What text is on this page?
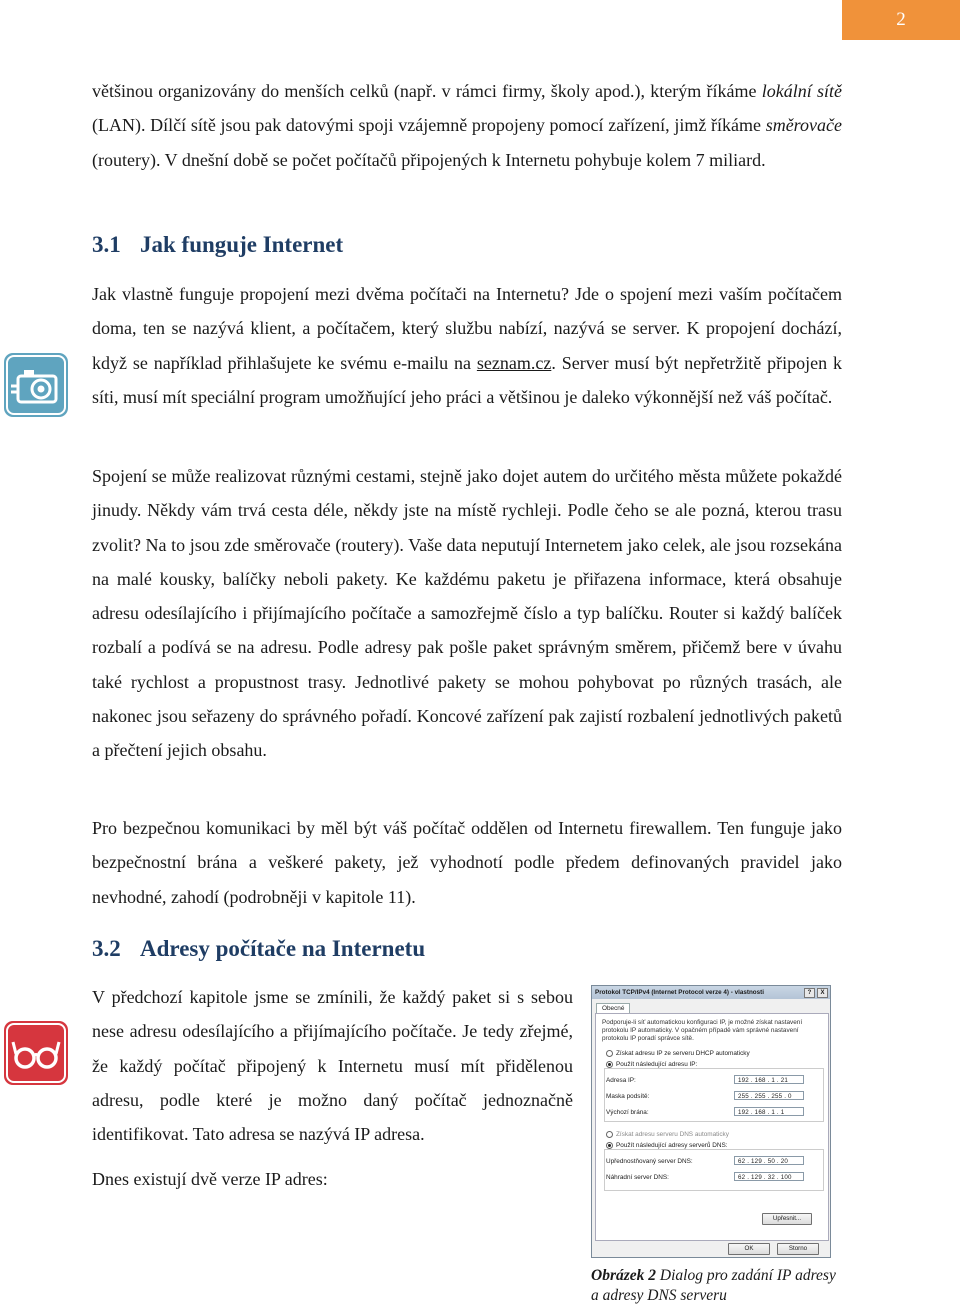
2

většinou organizovány do menších celků (např. v rámci firmy, školy apod.), kterým říkáme lokální sítě (LAN). Dílčí sítě jsou pak datovými spoji vzájemně propojeny pomocí zařízení, jimž říkáme směrovače (routery). V dnešní době se počet počítačů připojených k Internetu pohybuje kolem 7 miliard.

3.1 Jak funguje Internet

Jak vlastně funguje propojení mezi dvěma počítači na Internetu? Jde o spojení mezi vaším počítačem doma, ten se nazývá klient, a počítačem, který službu nabízí, nazývá se server. K propojení dochází, když se například přihlašujete ke svému e-mailu na seznam.cz. Server musí být nepřetržitě připojen k síti, musí mít speciální program umožňující jeho práci a většinou je daleko výkonnější než váš počítač.

Spojení se může realizovat různými cestami, stejně jako dojet autem do určitého města můžete pokaždé jinudy. Někdy vám trvá cesta déle, někdy jste na místě rychleji. Podle čeho se ale pozná, kterou trasu zvolit? Na to jsou zde směrovače (routery). Vaše data neputují Internetem jako celek, ale jsou rozsekána na malé kousky, balíčky neboli pakety. Ke každému paketu je přiřazena informace, která obsahuje adresu odesílajícího i přijímajícího počítače a samozřejmě číslo a typ balíčku. Router si každý balíček rozbalí a podívá se na adresu. Podle adresy pak pošle paket správným směrem, přičemž bere v úvahu také rychlost a propustnost trasy. Jednotlivé pakety se mohou pohybovat po různých trasách, ale nakonec jsou seřazeny do správného pořadí. Koncové zařízení pak zajistí rozbalení jednotlivých paketů a přečtení jejich obsahu.

Pro bezpečnou komunikaci by měl být váš počítač oddělen od Internetu firewallem. Ten funguje jako bezpečnostní brána a veškeré pakety, jež vyhodnotí podle předem definovaných pravidel jako nevhodné, zahodí (podrobněji v kapitole 11).

3.2 Adresy počítače na Internetu

V předchozí kapitole jsme se zmínili, že každý paket si s sebou nese adresu odesílajícího a přijímajícího počítače. Je tedy zřejmé, že každý počítač připojený k Internetu musí mít přidělenou adresu, podle které je možno daný počítač jednoznačně identifikovat. Tato adresa se nazývá IP adresa.

Dnes existují dvě verze IP adres:

Protokol TCP/IPv4 (Internet Protocol verze 4) - vlastnosti	?	X
Obecné
Podporuje-li síť automatickou konfiguraci IP, je možné získat nastavení protokolu IP automaticky. V opačném případě vám správné nastavení protokolu IP poradí správce sítě.
Získat adresu IP ze serveru DHCP automaticky
Použít následující adresu IP:
Adresa IP:	192 . 168 . 1 . 21
Maska podsítě:	255 . 255 . 255 . 0
Výchozí brána:	192 . 168 . 1 . 1
Získat adresu serveru DNS automaticky
Použít následující adresy serverů DNS:
Upřednostňovaný server DNS:	62 . 129 . 50 . 20
Náhradní server DNS:	62 . 129 . 32 . 100
Upřesnit...
OK	Storno
Obrázek 2 Dialog pro zadání IP adresy a adresy DNS serveru
